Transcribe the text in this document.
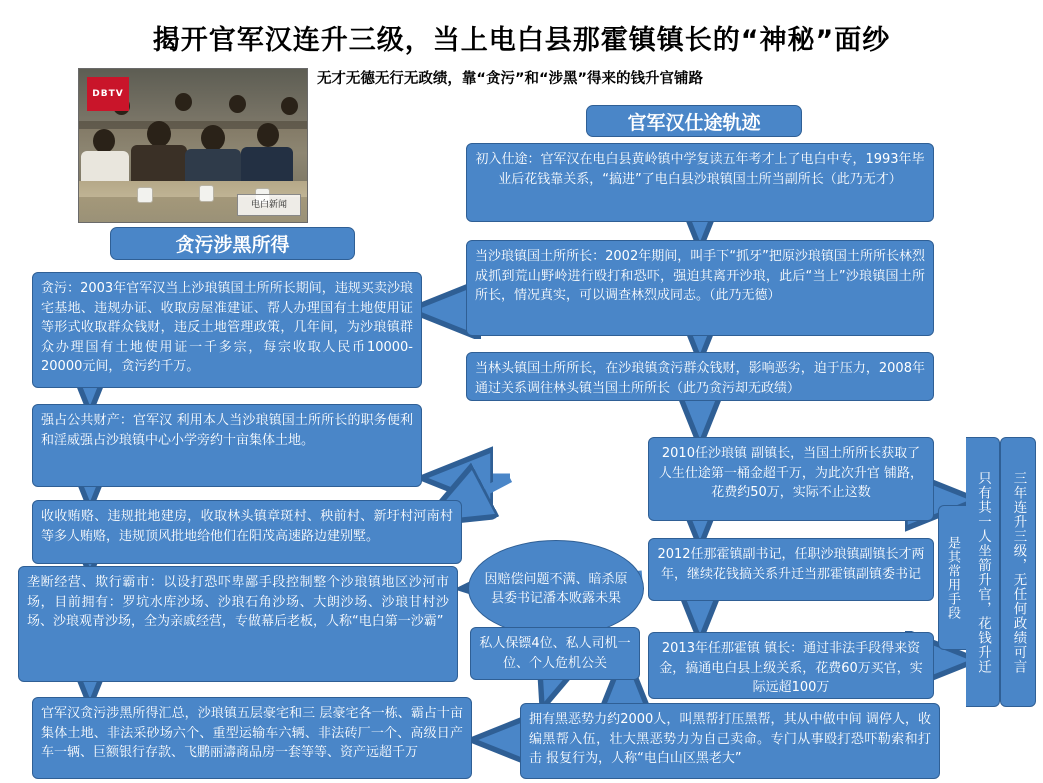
揭开官军汉连升三级，当上电白县那霍镇镇长的“神秘”面纱
无才无德无行无政绩，靠“贪污”和“涉黑”得来的钱升官铺路
DBTV
电白新闻
官军汉仕途轨迹
贪污涉黑所得
初入仕途：官军汉在电白县黄岭镇中学复读五年考才上了电白中专，1993年毕业后花钱靠关系，“搞进”了电白县沙琅镇国土所当副所长（此乃无才）
当沙琅镇国土所所长：2002年期间，叫手下“抓牙”把原沙琅镇国土所所长林烈成抓到荒山野岭进行殴打和恐吓，强迫其离开沙琅，此后“当上”沙琅镇国土所所长，情况真实，可以调查林烈成同志。（此乃无德）
当林头镇国土所所长，在沙琅镇贪污群众钱财，影响恶劣，迫于压力，2008年通过关系调往林头镇当国土所所长（此乃贪污却无政绩）
2010任沙琅镇 副镇长，当国土所所长获取了人生仕途第一桶金超千万，为此次升官 铺路，花费约50万，实际不止这数
2012任那霍镇副书记，任职沙琅镇副镇长才两年，继续花钱搞关系升迁当那霍镇副镇委书记
2013年任那霍镇 镇长：通过非法手段得来资金，搞通电白县上级关系，花费60万买官，实际远超100万
贪污：2003年官军汉当上沙琅镇国土所所长期间，违规买卖沙琅宅基地、违规办证、收取房屋准建证、帮人办理国有土地使用证等形式收取群众钱财，违反土地管理政策，几年间，为沙琅镇群众办理国有土地使用证一千多宗，每宗收取人民币10000-20000元间，贪污约千万。
强占公共财产：官军汉 利用本人当沙琅镇国土所所长的职务便利和淫威强占沙琅镇中心小学旁约十亩集体土地。
收收贿赂、违规批地建房，收取林头镇章斑村、秧前村、新圩村河南村等多人贿赂，违规顶风批地给他们在阳茂高速路边建别墅。
垄断经营、欺行霸市：以设打恐吓卑鄙手段控制整个沙琅镇地区沙河市场，目前拥有：罗坑水库沙场、沙琅石角沙场、大朗沙场、沙琅甘村沙场、沙琅观青沙场，全为亲戚经营，专做幕后老板，人称“电白第一沙霸”
官军汉贪污涉黑所得汇总，沙琅镇五层豪宅和三 层豪宅各一栋、霸占十亩集体土地、非法采砂场六个、重型运输车六辆、非法砖厂一个、高级日产车一辆、巨额银行存款、飞鹏丽濤商品房一套等等、资产远超千万
因赔偿问题不满、暗杀原县委书记潘本败露未果
私人保镖4位、私人司机一位、个人危机公关
拥有黑恶势力约2000人，叫黑帮打压黑帮，其从中做中间 调停人，收编黑帮入伍，壮大黑恶势力为自己卖命。专门从事殴打恐吓勒索和打击 报复行为，人称“电白山区黑老大”
三年连升三级，无任何政绩可言
只有其一人坐箭升官，花钱升迁
是其常用手段
